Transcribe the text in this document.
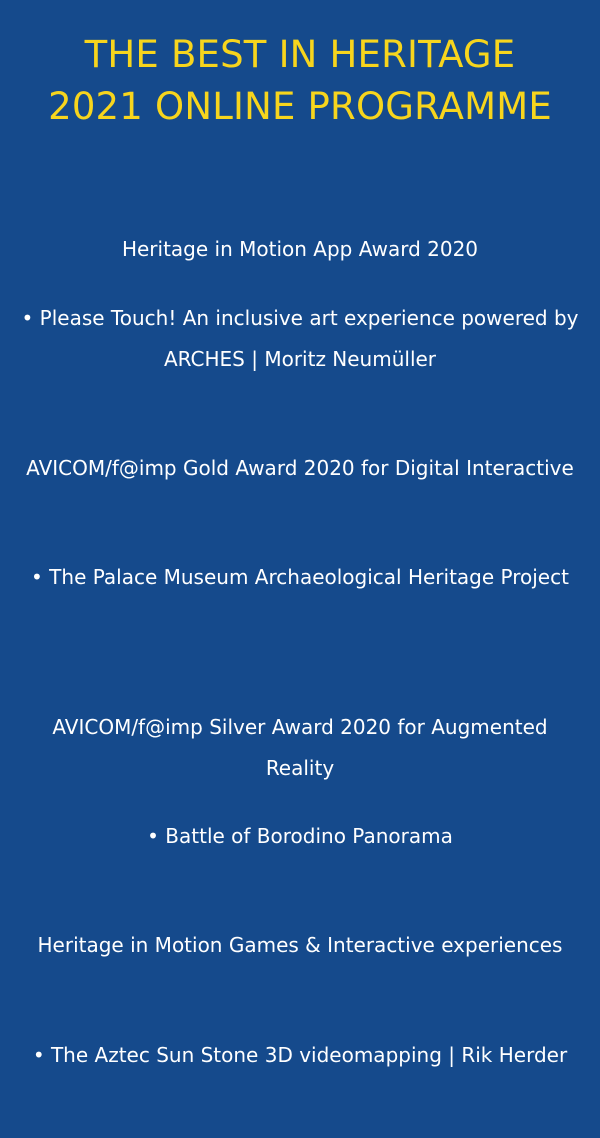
THE BEST IN HERITAGE
2021 ONLINE PROGRAMME

Heritage in Motion App Award 2020

• Please Touch! An inclusive art experience powered by ARCHES | Moritz Neumüller

AVICOM/f@imp Gold Award 2020 for Digital Interactive

• The Palace Museum Archaeological Heritage Project

AVICOM/f@imp Silver Award 2020 for Augmented Reality

• Battle of Borodino Panorama

Heritage in Motion Games & Interactive experiences

• The Aztec Sun Stone 3D videomapping | Rik Herder
